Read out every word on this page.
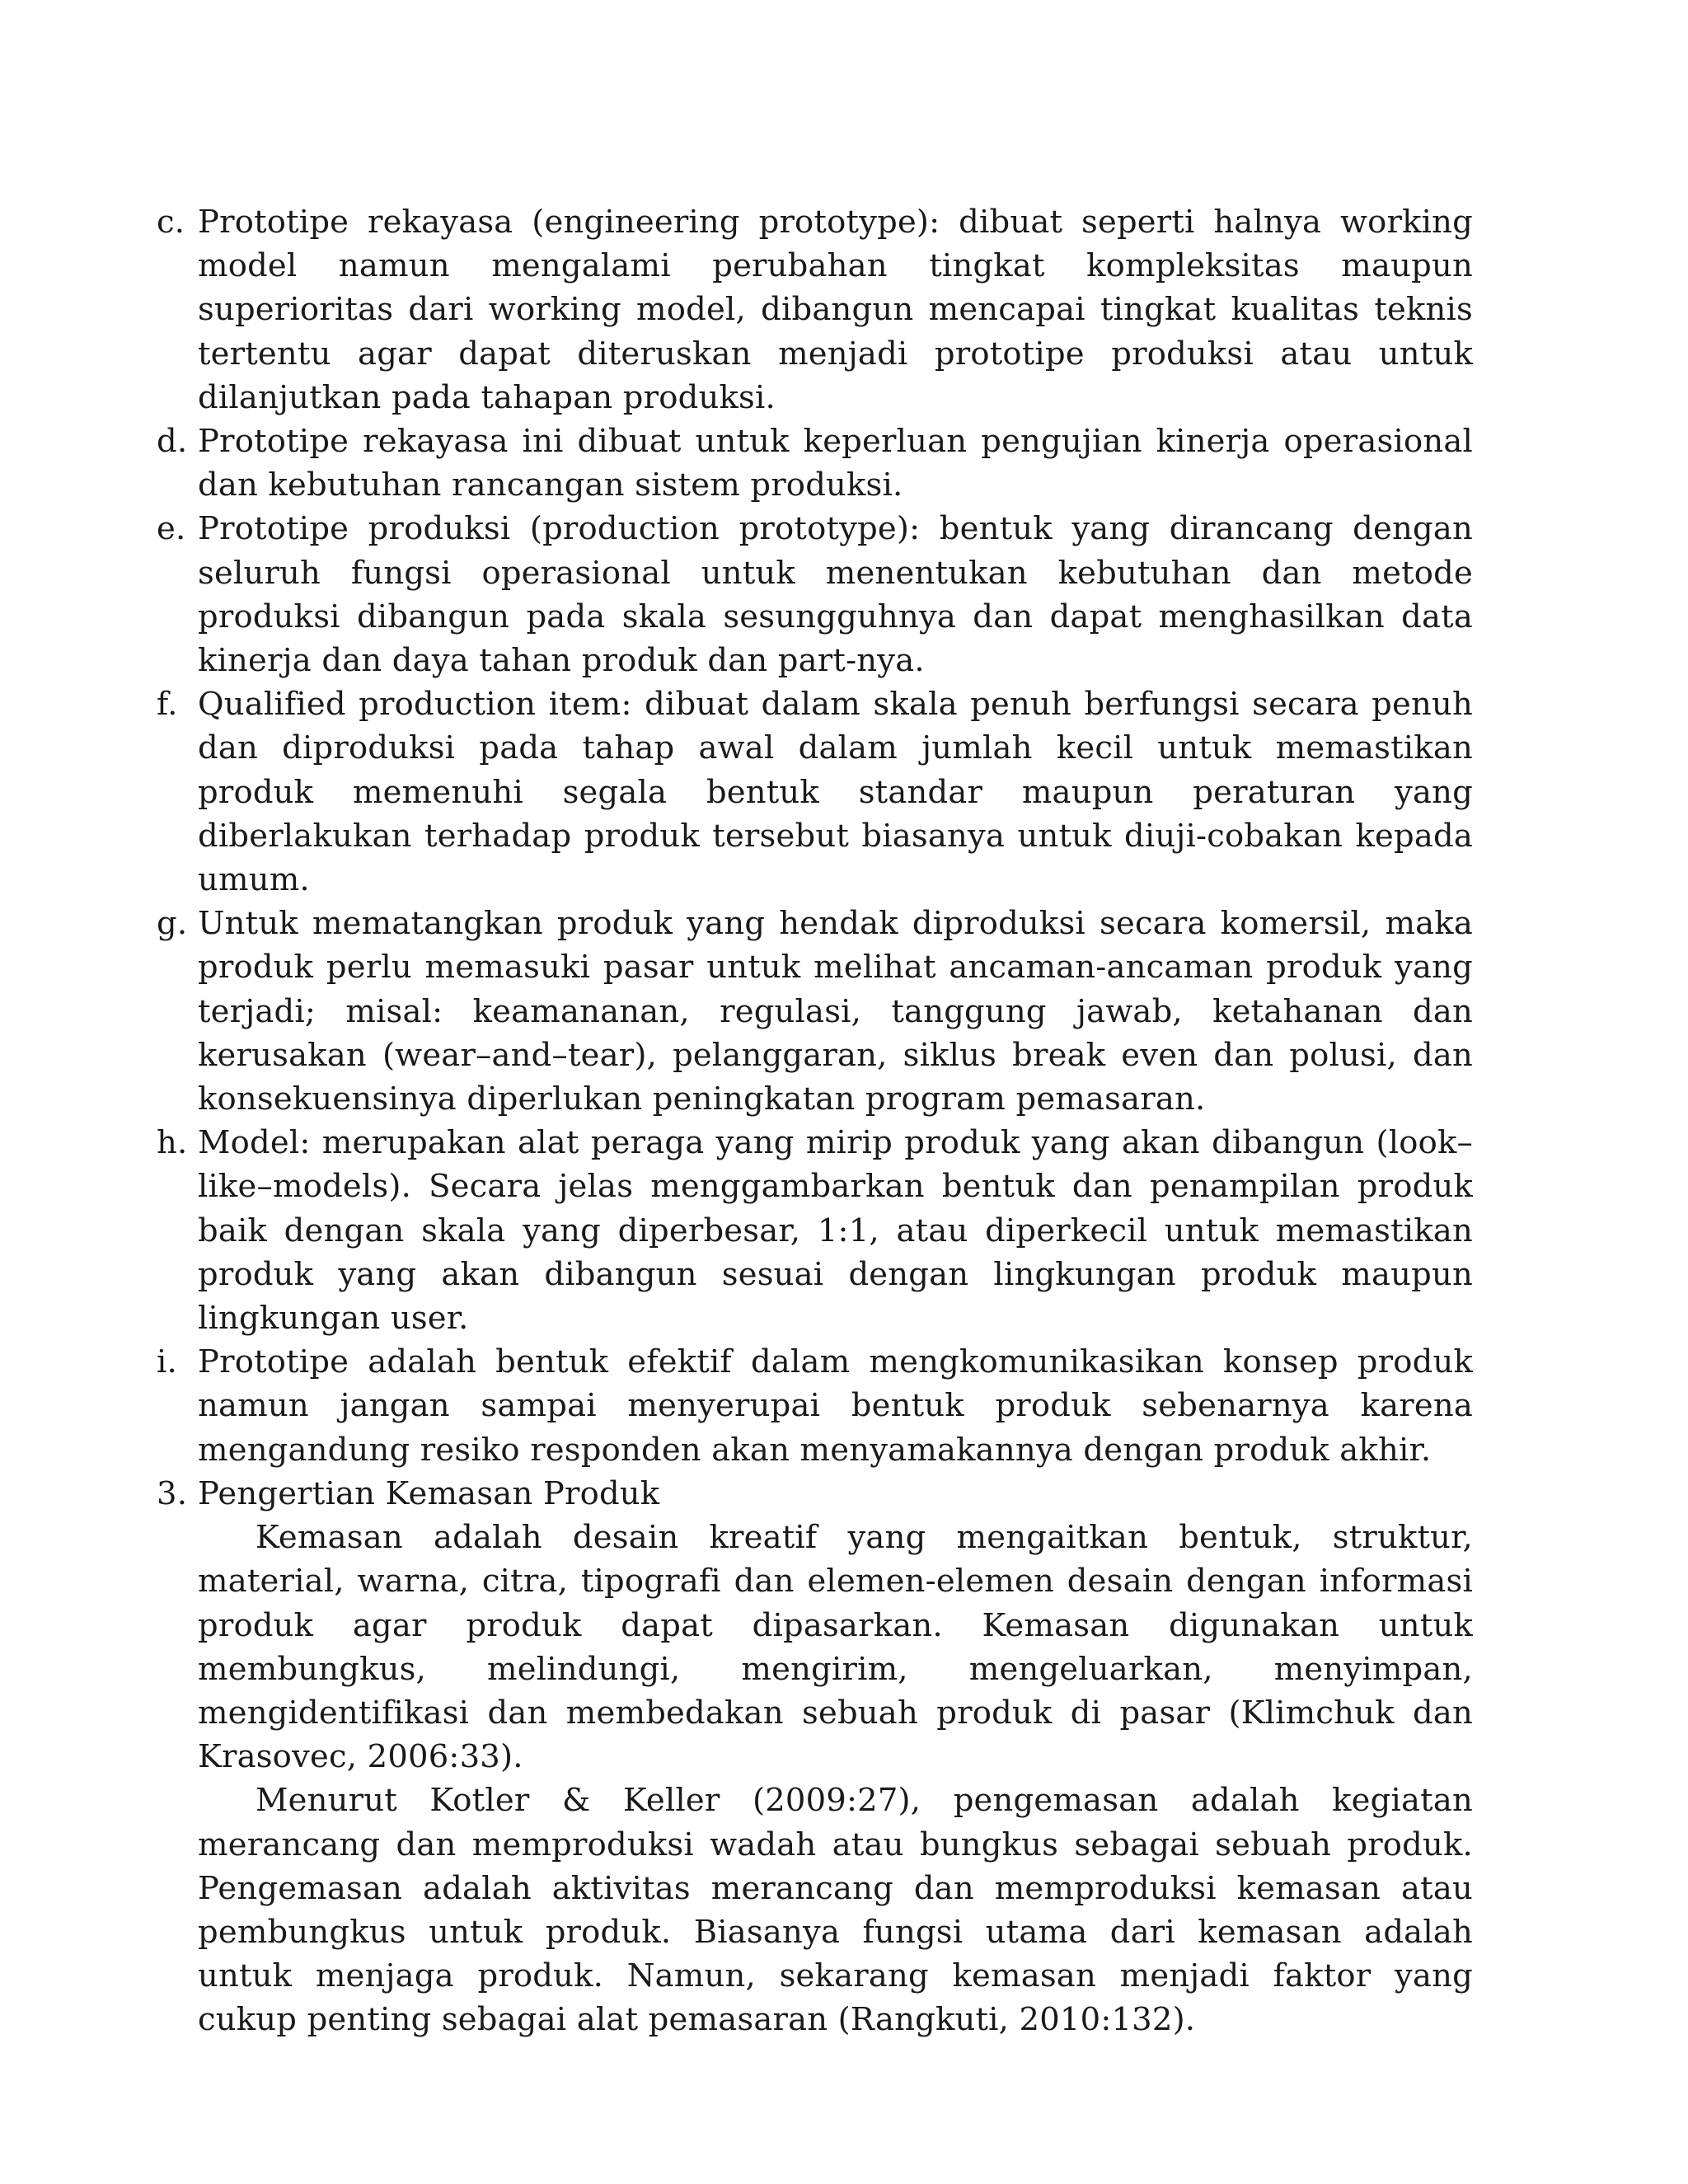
c. Prototipe rekayasa (engineering prototype): dibuat seperti halnya working model namun mengalami perubahan tingkat kompleksitas maupun superioritas dari working model, dibangun mencapai tingkat kualitas teknis tertentu agar dapat diteruskan menjadi prototipe produksi atau untuk dilanjutkan pada tahapan produksi.
d. Prototipe rekayasa ini dibuat untuk keperluan pengujian kinerja operasional dan kebutuhan rancangan sistem produksi.
e. Prototipe produksi (production prototype): bentuk yang dirancang dengan seluruh fungsi operasional untuk menentukan kebutuhan dan metode produksi dibangun pada skala sesungguhnya dan dapat menghasilkan data kinerja dan daya tahan produk dan part-nya.
f. Qualified production item: dibuat dalam skala penuh berfungsi secara penuh dan diproduksi pada tahap awal dalam jumlah kecil untuk memastikan produk memenuhi segala bentuk standar maupun peraturan yang diberlakukan terhadap produk tersebut biasanya untuk diuji-cobakan kepada umum.
g. Untuk mematangkan produk yang hendak diproduksi secara komersil, maka produk perlu memasuki pasar untuk melihat ancaman-ancaman produk yang terjadi; misal: keamananan, regulasi, tanggung jawab, ketahanan dan kerusakan (wear–and–tear), pelanggaran, siklus break even dan polusi, dan konsekuensinya diperlukan peningkatan program pemasaran.
h. Model: merupakan alat peraga yang mirip produk yang akan dibangun (look–like–models). Secara jelas menggambarkan bentuk dan penampilan produk baik dengan skala yang diperbesar, 1:1, atau diperkecil untuk memastikan produk yang akan dibangun sesuai dengan lingkungan produk maupun lingkungan user.
i. Prototipe adalah bentuk efektif dalam mengkomunikasikan konsep produk namun jangan sampai menyerupai bentuk produk sebenarnya karena mengandung resiko responden akan menyamakannya dengan produk akhir.
3. Pengertian Kemasan Produk

Kemasan adalah desain kreatif yang mengaitkan bentuk, struktur, material, warna, citra, tipografi dan elemen-elemen desain dengan informasi produk agar produk dapat dipasarkan. Kemasan digunakan untuk membungkus, melindungi, mengirim, mengeluarkan, menyimpan, mengidentifikasi dan membedakan sebuah produk di pasar (Klimchuk dan Krasovec, 2006:33).

Menurut Kotler & Keller (2009:27), pengemasan adalah kegiatan merancang dan memproduksi wadah atau bungkus sebagai sebuah produk. Pengemasan adalah aktivitas merancang dan memproduksi kemasan atau pembungkus untuk produk. Biasanya fungsi utama dari kemasan adalah untuk menjaga produk. Namun, sekarang kemasan menjadi faktor yang cukup penting sebagai alat pemasaran (Rangkuti, 2010:132).
